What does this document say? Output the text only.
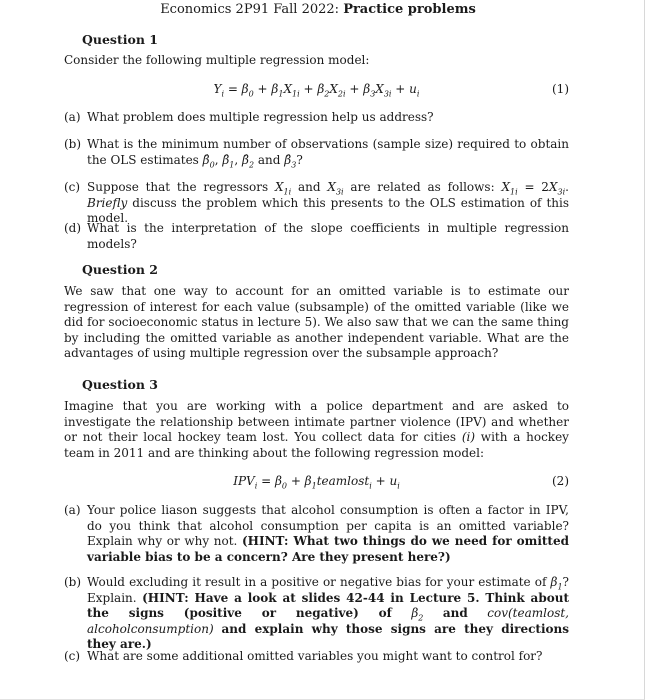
Economics 2P91 Fall 2022: Practice problems
Question 1
Consider the following multiple regression model:
$Y_i = \beta_0 + \beta_1X_{1i} + \beta_2X_{2i} + \beta_3X_{3i} + u_i$	(1)
(a) What problem does multiple regression help us address?
(b) What is the minimum number of observations (sample size) required to obtain the OLS estimates $\betâ_0$, $\betâ_1$, $\betâ_2$ and $\betâ_3$?
(c) Suppose that the regressors $X_{1i}$ and $X_{3i}$ are related as follows: $X_{1i} = 2X_{3i}$. Briefly discuss the problem which this presents to the OLS estimation of this model.
(d) What is the interpretation of the slope coefficients in multiple regression models?
Question 2
We saw that one way to account for an omitted variable is to estimate our regression of interest for each value (subsample) of the omitted variable (like we did for socioeconomic status in lecture 5). We also saw that we can the same thing by including the omitted variable as another independent variable. What are the advantages of using multiple regression over the subsample approach?
Question 3
Imagine that you are working with a police department and are asked to investigate the relationship between intimate partner violence (IPV) and whether or not their local hockey team lost. You collect data for cities (i) with a hockey team in 2011 and are thinking about the following regression model:
$IPV_i = \beta_0$ + $\beta_1teamlost_i + u_i$	(2)
(a) Your police liason suggests that alcohol consumption is often a factor in IPV, do you think that alcohol consumption per capita is an omitted variable? Explain why or why not. (HINT: What two things do we need for omitted variable bias to be a concern? Are they present here?)
(b) Would excluding it result in a positive or negative bias for your estimate of $\beta_1$? Explain. (HINT: Have a look at slides 42-44 in Lecture 5. Think about the signs (positive or negative) of $\beta_2$ and cov(teamlost, alcoholconsumption) and explain why those signs are they directions they are.)
(c) What are some additional omitted variables you might want to control for?
